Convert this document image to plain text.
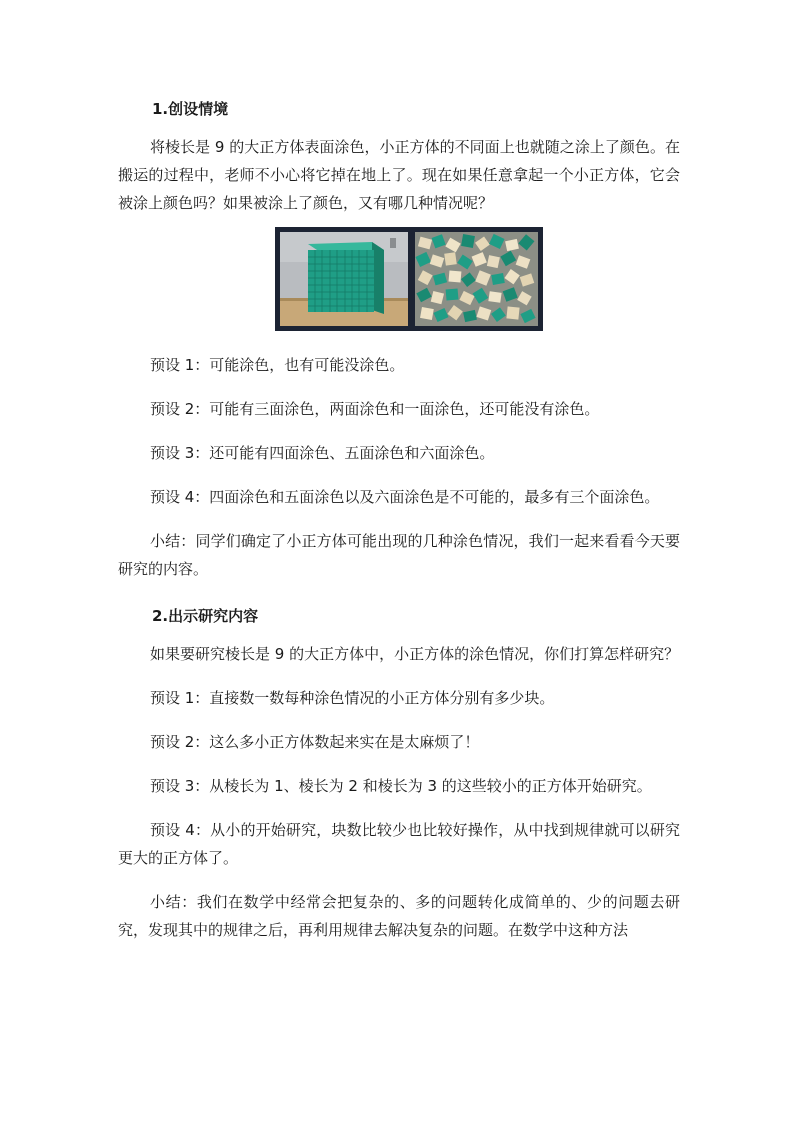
1.创设情境

将棱长是 9 的大正方体表面涂色，小正方体的不同面上也就随之涂上了颜色。在搬运的过程中，老师不小心将它掉在地上了。现在如果任意拿起一个小正方体，它会被涂上颜色吗？如果被涂上了颜色，又有哪几种情况呢？

预设 1：可能涂色，也有可能没涂色。

预设 2：可能有三面涂色，两面涂色和一面涂色，还可能没有涂色。

预设 3：还可能有四面涂色、五面涂色和六面涂色。

预设 4：四面涂色和五面涂色以及六面涂色是不可能的，最多有三个面涂色。

小结：同学们确定了小正方体可能出现的几种涂色情况，我们一起来看看今天要研究的内容。

2.出示研究内容

如果要研究棱长是 9 的大正方体中，小正方体的涂色情况，你们打算怎样研究？

预设 1：直接数一数每种涂色情况的小正方体分别有多少块。

预设 2：这么多小正方体数起来实在是太麻烦了！

预设 3：从棱长为 1、棱长为 2 和棱长为 3 的这些较小的正方体开始研究。

预设 4：从小的开始研究，块数比较少也比较好操作，从中找到规律就可以研究更大的正方体了。

小结：我们在数学中经常会把复杂的、多的问题转化成简单的、少的问题去研究，发现其中的规律之后，再利用规律去解决复杂的问题。在数学中这种方法
